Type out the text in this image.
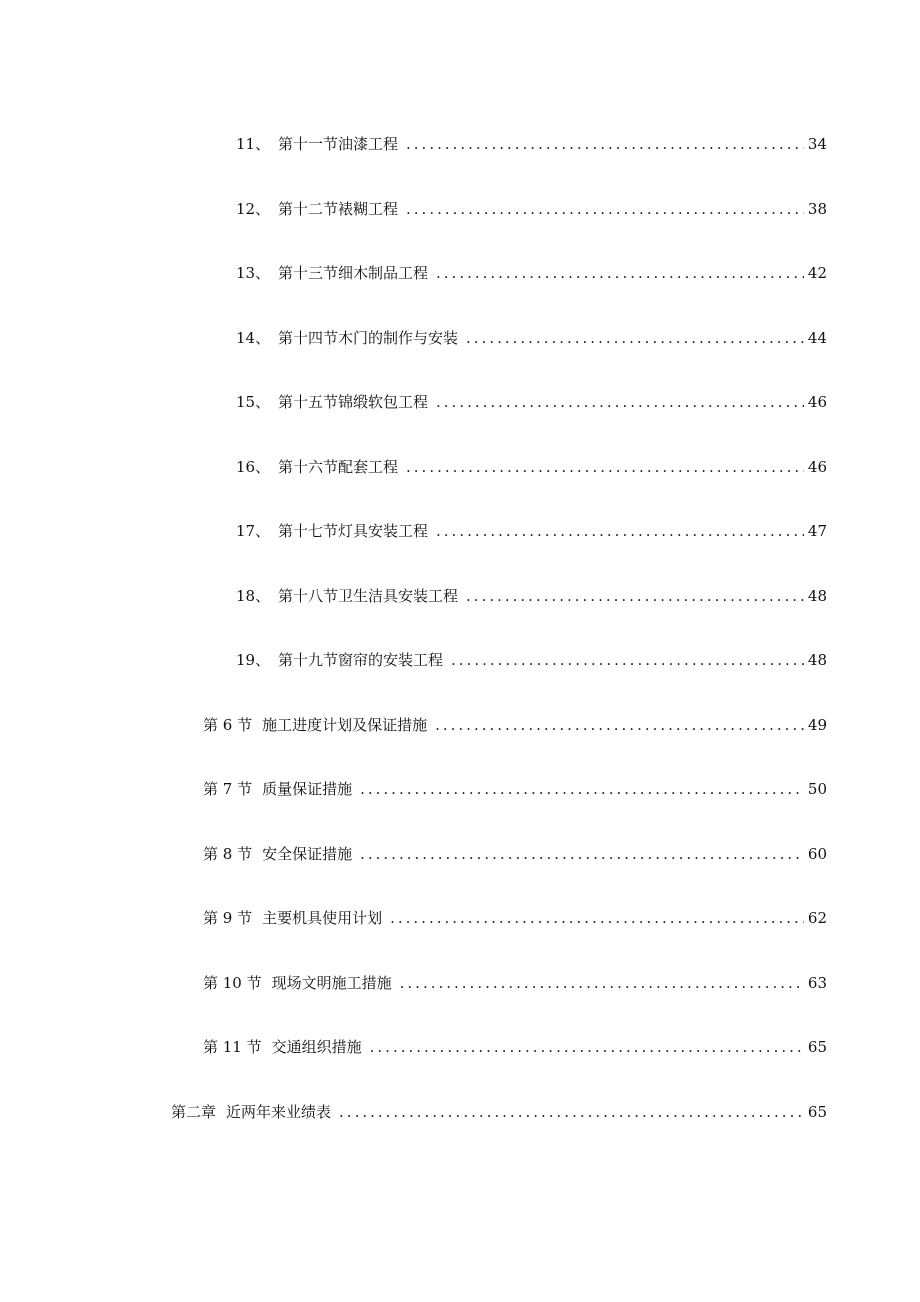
11、 第十一节油漆工程 .....	34
12、 第十二节裱糊工程 .....	38
13、 第十三节细木制品工程 .....	42
14、 第十四节木门的制作与安装 .....	44
15、 第十五节锦缎软包工程 .....	46
16、 第十六节配套工程 .....	46
17、 第十七节灯具安装工程 .....	47
18、 第十八节卫生洁具安装工程 .....	48
19、 第十九节窗帘的安装工程 .....	48
第 6 节 施工进度计划及保证措施 .....	49
第 7 节 质量保证措施 .....	50
第 8 节 安全保证措施 .....	60
第 9 节 主要机具使用计划 .....	62
第 10 节 现场文明施工措施 .....	63
第 11 节 交通组织措施 .....	65
第二章 近两年来业绩表 .....	65
